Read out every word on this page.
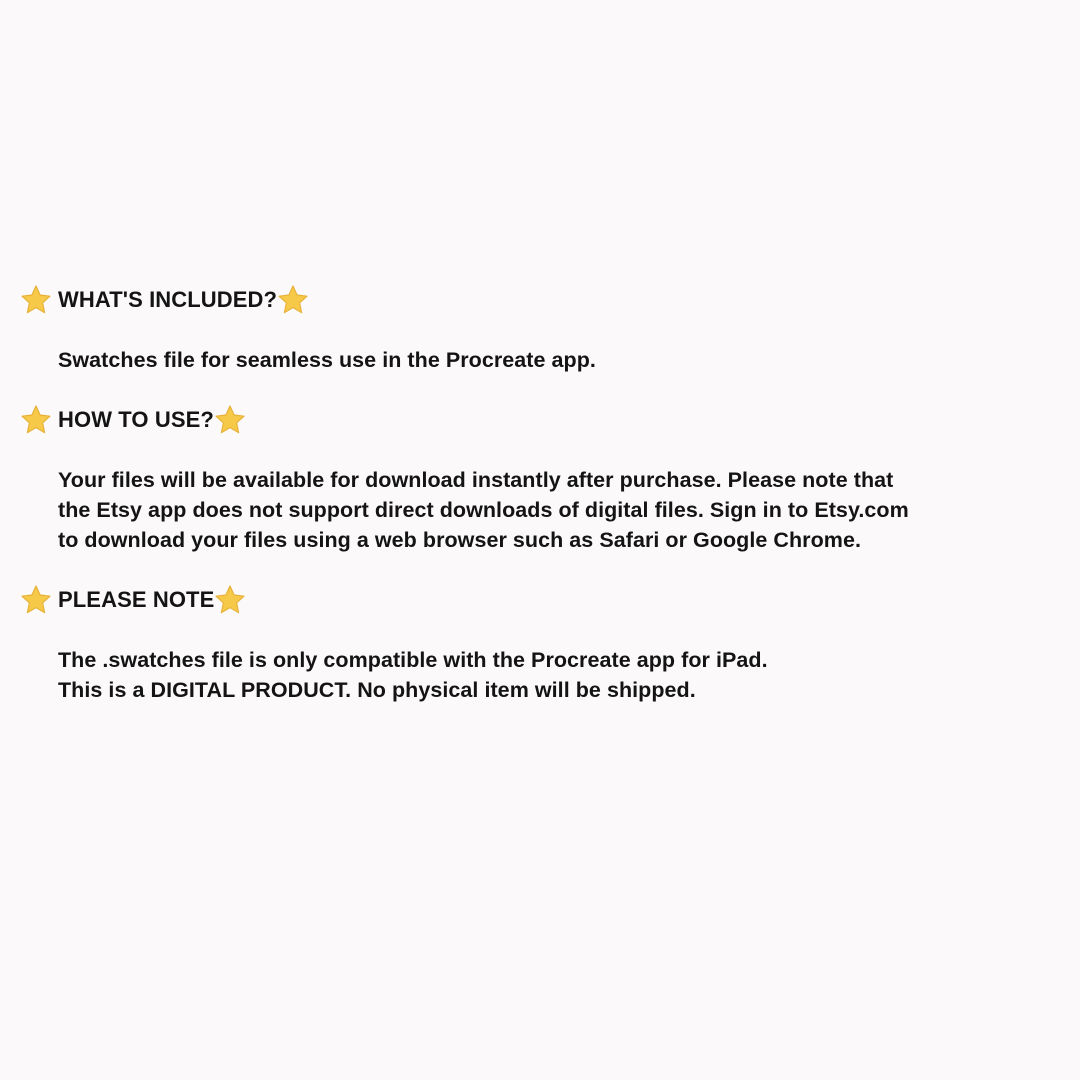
WHAT'S INCLUDED?
Swatches file for seamless use in the Procreate app.
HOW TO USE?
Your files will be available for download instantly after purchase. Please note that
the Etsy app does not support direct downloads of digital files. Sign in to Etsy.com
to download your files using a web browser such as Safari or Google Chrome.
PLEASE NOTE
The .swatches file is only compatible with the Procreate app for iPad.
This is a DIGITAL PRODUCT. No physical item will be shipped.
